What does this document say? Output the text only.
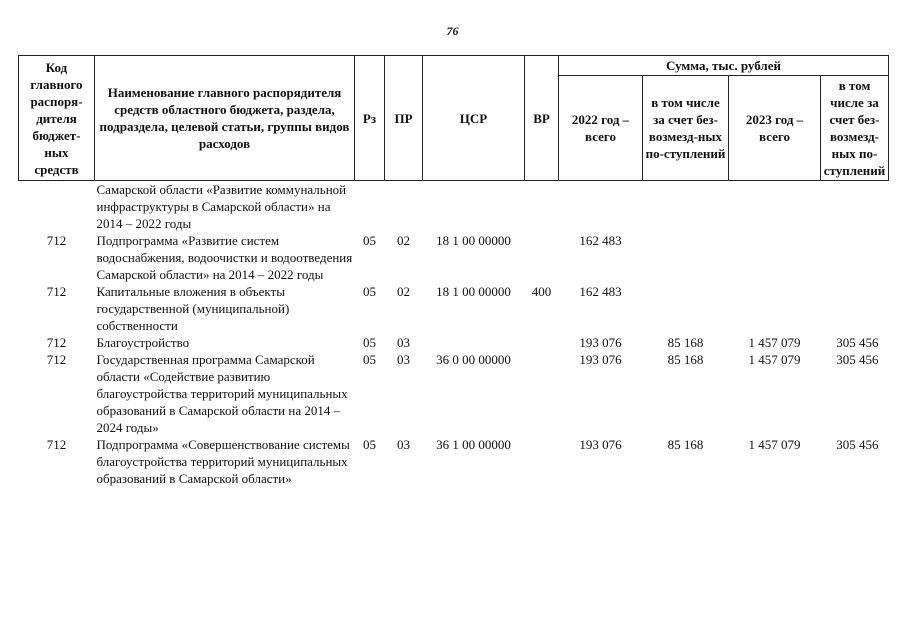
76
Код главного распоря-дителя бюджет-ных средств	Наименование главного распорядителя средств областного бюджета, раздела, подраздела, целевой статьи, группы видов расходов	Рз	ПР	ЦСР	ВР	Сумма, тыс. рублей			
						2022 год – всего	в том числе за счет без-возмезд-ных по-ступлений	2023 год – всего	в том числе за счет без-возмезд-ных по-ступлений
	Самарской области «Развитие коммунальной инфраструктуры в Самарской области» на 2014 – 2022 годы								
712	Подпрограмма «Развитие систем водоснабжения, водоочистки и водоотведения Самарской области» на 2014 – 2022 годы	05	02	18 1 00 00000		162 483			
712	Капитальные вложения в объекты государственной (муниципальной) собственности	05	02	18 1 00 00000	400	162 483			
712	Благоустройство	05	03			193 076	85 168	1 457 079	305 456
712	Государственная программа Самарской области «Содействие развитию благоустройства территорий муниципальных образований в Самарской области на 2014 – 2024 годы»	05	03	36 0 00 00000		193 076	85 168	1 457 079	305 456
712	Подпрограмма «Совершенствование системы благоустройства территорий муниципальных образований в Самарской области»	05	03	36 1 00 00000		193 076	85 168	1 457 079	305 456
